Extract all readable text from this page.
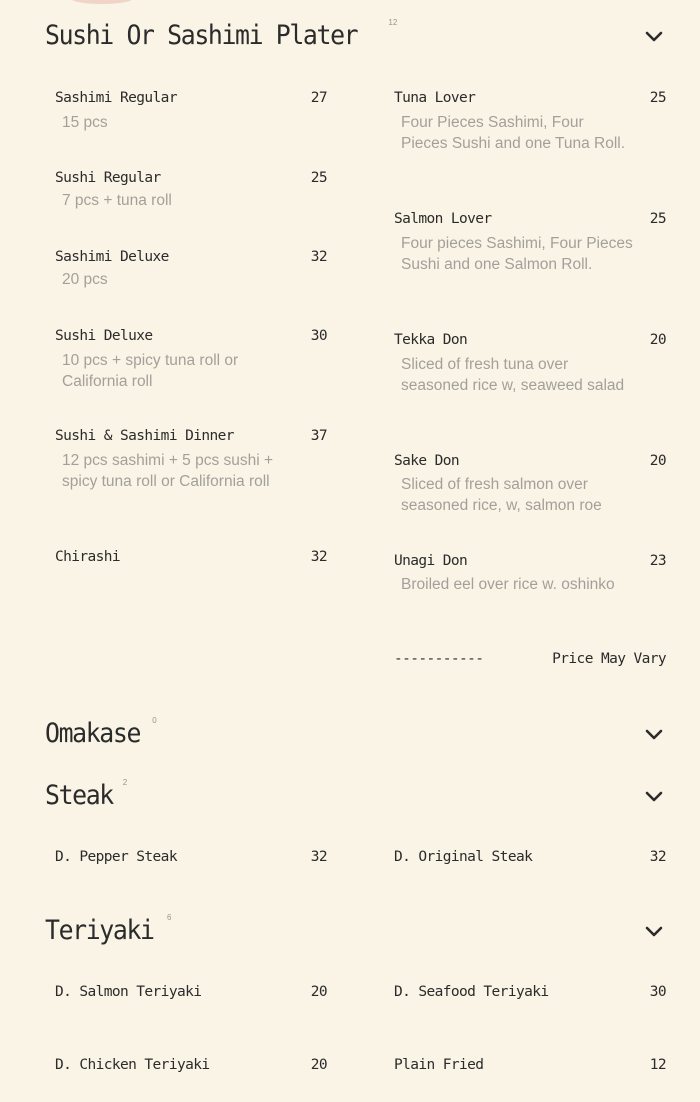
Sushi Or Sashimi Plater	12
Sashimi Regular	27
15 pcs
Sushi Regular	25
7 pcs + tuna roll
Sashimi Deluxe	32
20 pcs
Sushi Deluxe	30
10 pcs + spicy tuna roll or California roll
Sushi & Sashimi Dinner	37
12 pcs sashimi + 5 pcs sushi + spicy tuna roll or California roll
Chirashi	32
Tuna Lover	25
Four Pieces Sashimi, Four Pieces Sushi and one Tuna Roll.
Salmon Lover	25
Four pieces Sashimi, Four Pieces Sushi and one Salmon Roll.
Tekka Don	20
Sliced of fresh tuna over seasoned rice w, seaweed salad
Sake Don	20
Sliced of fresh salmon over seasoned rice, w, salmon roe
Unagi Don	23
Broiled eel over rice w. oshinko
-----------	Price May Vary
Omakase 0
Steak 2
D. Pepper Steak	32	D. Original Steak	32
Teriyaki 6
D. Salmon Teriyaki	20	D. Seafood Teriyaki	30
D. Chicken Teriyaki	20	Plain Fried	12
